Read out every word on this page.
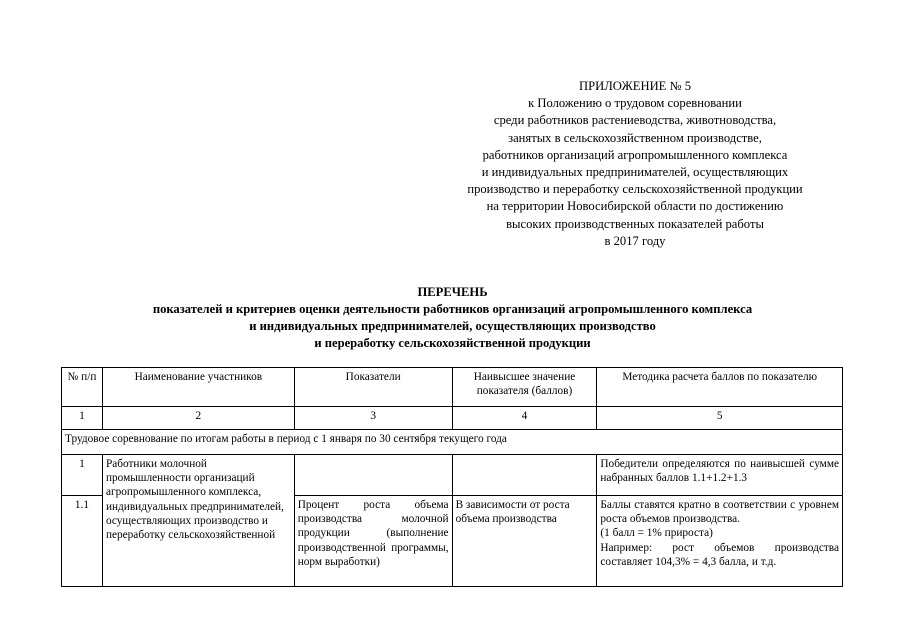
ПРИЛОЖЕНИЕ № 5
к Положению о трудовом соревновании
среди работников растениеводства, животноводства,
занятых в сельскохозяйственном производстве,
работников организаций агропромышленного комплекса
и индивидуальных предпринимателей, осуществляющих
производство и переработку сельскохозяйственной продукции
на территории Новосибирской области по достижению
высоких производственных показателей работы
в 2017 году
ПЕРЕЧЕНЬ
показателей и критериев оценки деятельности работников организаций агропромышленного комплекса
и индивидуальных предпринимателей, осуществляющих производство
и переработку сельскохозяйственной продукции
№ п/п	Наименование участников	Показатели	Наивысшее значение показателя (баллов)	Методика расчета баллов по показателю
1	2	3	4	5
Трудовое соревнование по итогам работы в период с 1 января по 30 сентября текущего года				
1	Работники молочной промышленности организаций агропромышленного комплекса, индивидуальных предпринимателей, осуществляющих производство и переработку сельскохозяйственной			Победители определяются по наивысшей сумме набранных баллов 1.1+1.2+1.3
1.1		Процент роста объема производства молочной продукции (выполнение производственной программы, норм выработки)	В зависимости от роста объема производства	Баллы ставятся кратно в соответствии с уровнем роста объемов производства.
(1 балл = 1% прироста)
Например: рост объемов производства составляет 104,3% = 4,3 балла, и т.д.
